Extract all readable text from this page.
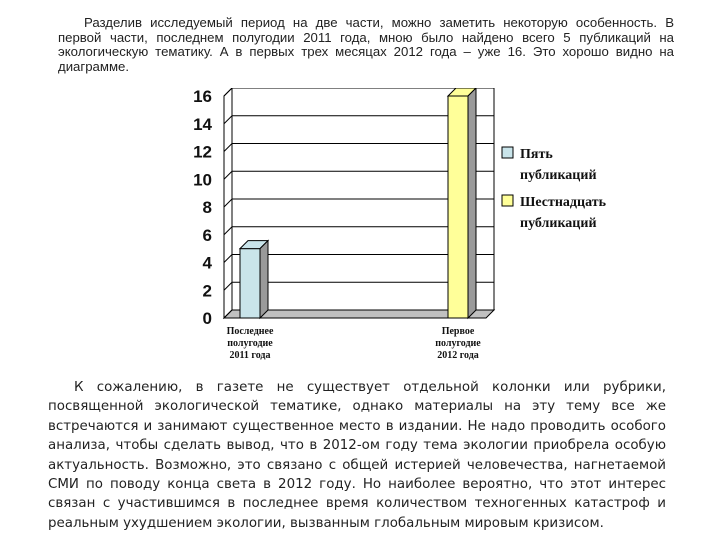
Разделив исследуемый период на две части, можно заметить некоторую особенность. В первой части, последнем полугодии 2011 года, мною было найдено всего 5 публикаций на экологическую тематику. А в первых трех месяцах 2012 года – уже 16. Это хорошо видно на диаграмме.

0
2
4
6
8
10
12
14
16
Последнее
полугодие
2011 года
Первое
полугодие
2012 года
Пять
публикаций
Шестнадцать
публикаций

К сожалению, в газете не существует отдельной колонки или рубрики, посвященной экологической тематике, однако материалы на эту тему все же встречаются и занимают существенное место в издании. Не надо проводить особого анализа, чтобы сделать вывод, что в 2012-ом году тема экологии приобрела особую актуальность. Возможно, это связано с общей истерией человечества, нагнетаемой СМИ по поводу конца света в 2012 году. Но наиболее вероятно, что этот интерес связан с участившимся в последнее время количеством техногенных катастроф и реальным ухудшением экологии, вызванным глобальным мировым кризисом.
